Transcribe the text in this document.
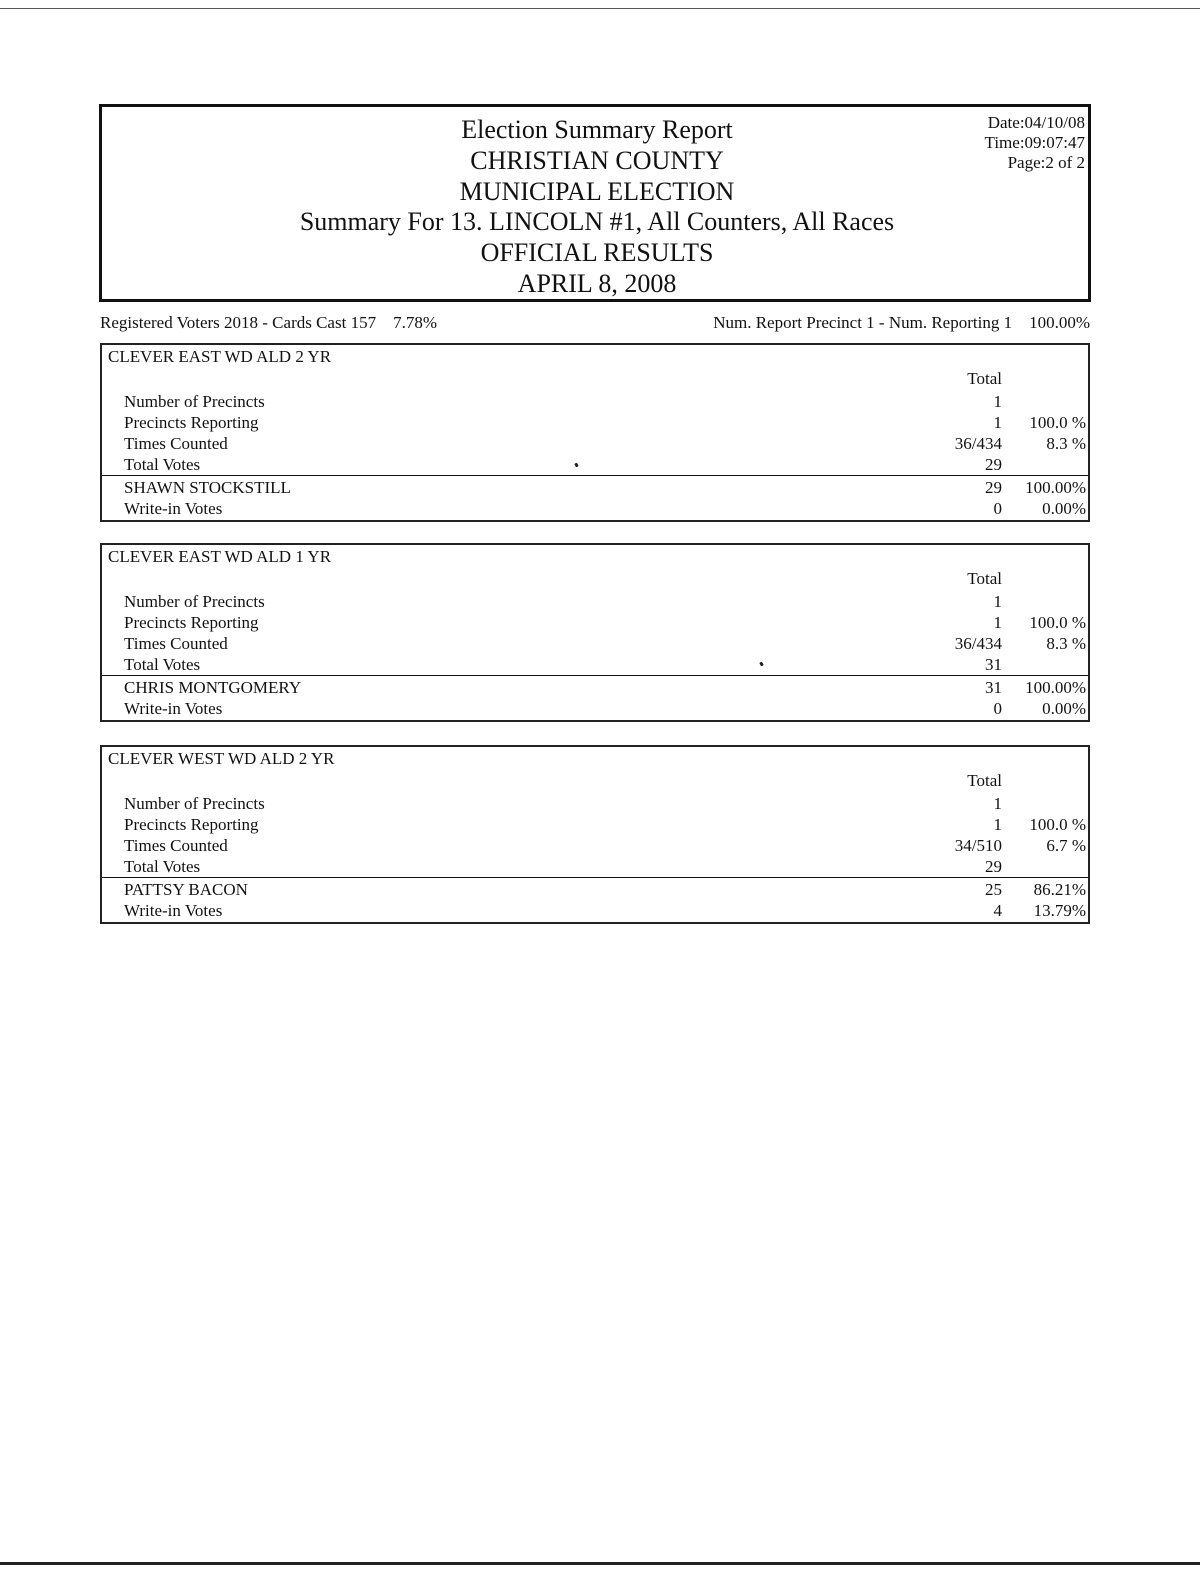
Election Summary Report
CHRISTIAN COUNTY
MUNICIPAL ELECTION
Summary For 13. LINCOLN #1, All Counters, All Races
OFFICIAL RESULTS
APRIL 8, 2008
Date:04/10/08
Time:09:07:47
Page:2 of 2
Registered Voters 2018 - Cards Cast 157    7.78%	Num. Report Precinct 1 - Num. Reporting 1    100.00%
CLEVER EAST WD ALD 2 YR
Total
Number of Precincts	1
Precincts Reporting	1 100.0 %
Times Counted	36/434	8.3 %
Total Votes	29
SHAWN STOCKSTILL	29 100.00%
Write-in Votes	0 0.00%
CLEVER EAST WD ALD 1 YR
Total
Number of Precincts	1
Precincts Reporting	1 100.0 %
Times Counted	36/434	8.3 %
Total Votes	31
CHRIS MONTGOMERY	31 100.00%
Write-in Votes	0 0.00%
CLEVER WEST WD ALD 2 YR
Total
Number of Precincts	1
Precincts Reporting	1 100.0 %
Times Counted	34/510	6.7 %
Total Votes	29
PATTSY BACON	25 86.21%
Write-in Votes	4 13.79%
